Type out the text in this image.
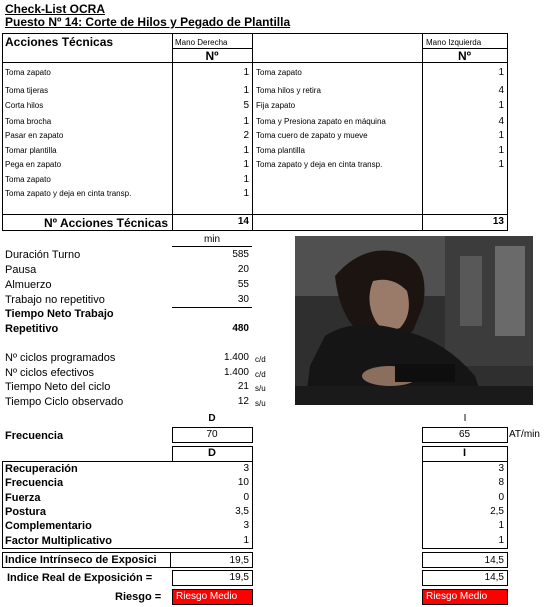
Check-List OCRA
Puesto Nº 14: Corte de Hilos y Pegado de Plantilla
Acciones Técnicas	Mano Derecha	Mano Izquierda
Nº	Nº
Toma zapato	1
Toma tijeras	1
Corta hilos	5
Toma brocha	1
Pasar en zapato	2
Tomar plantilla	1
Pega en zapato	1
Toma zapato	1
Toma zapato y deja en cinta transp.	1
Toma zapato	1
Toma hilos y retira	4
Fija zapato	1
Toma y Presiona zapato en máquina	4
Toma cuero de zapato y mueve	1
Toma plantilla	1
Toma zapato y deja en cinta transp.	1
Nº Acciones Técnicas	14	13
min
Duración Turno	585
Pausa	20
Almuerzo	55
Trabajo no repetitivo	30
Tiempo Neto Trabajo
Repetitivo	480
Nº ciclos programados	1.400 c/d
Nº ciclos efectivos	1.400 c/d
Tiempo Neto del ciclo	21 s/u
Tiempo Ciclo observado	12 s/u
D	I
Frecuencia	70	65	AT/min
D	I
Recuperación	3	3
Frecuencia	10	8
Fuerza	0	0
Postura	3,5	2,5
Complementario	3	1
Factor Multiplicativo	1	1
Indice Intrínseco de Exposici	19,5	14,5
Indice Real de Exposición =	19,5	14,5
Riesgo =	Riesgo Medio	Riesgo Medio
